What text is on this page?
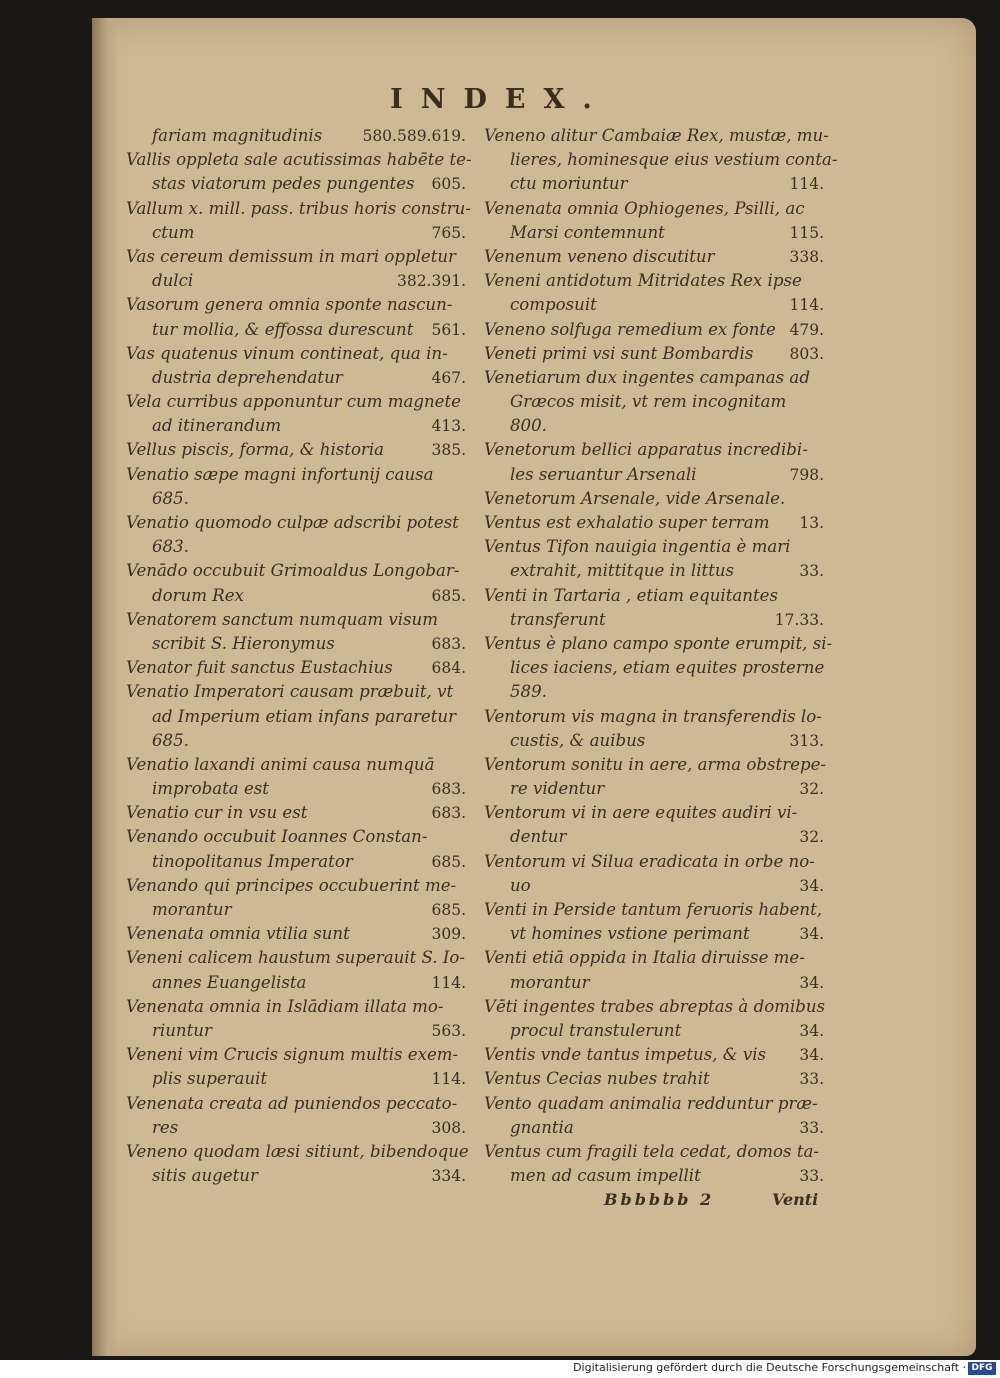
INDEX.
fariam magnitudinis	580.589.619.
Vallis oppleta sale acutissimas habēte te-
stas viatorum pedes pungentes 605.
Vallum x. mill. pass. tribus horis constru-
ctum	765.
Vas cereum demissum in mari oppletur
dulci	382.391.
Vasorum genera omnia sponte nascun-
tur mollia, & effossa durescunt 561.
Vas quatenus vinum contineat, qua in-
dustria deprehendatur	467.
Vela curribus apponuntur cum magnete
ad itinerandum	413.
Vellus piscis, forma, & historia	385.
Venatio sæpe magni infortunij causa
685.
Venatio quomodo culpæ adscribi potest
683.
Venādo occubuit Grimoaldus Longobar-
dorum Rex	685.
Venatorem sanctum numquam visum
scribit S. Hieronymus	683.
Venator fuit sanctus Eustachius	684.
Venatio Imperatori causam præbuit, vt
ad Imperium etiam infans pararetur
685.
Venatio laxandi animi causa numquā
improbata est	683.
Venatio cur in vsu est	683.
Venando occubuit Ioannes Constan-
tinopolitanus Imperator	685.
Venando qui principes occubuerint me-
morantur	685.
Venenata omnia vtilia sunt	309.
Veneni calicem haustum superauit S. Io-
annes Euangelista	114.
Venenata omnia in Islādiam illata mo-
riuntur	563.
Veneni vim Crucis signum multis exem-
plis superauit	114.
Venenata creata ad puniendos peccato-
res	308.
Veneno quodam læsi sitiunt, bibendoque
sitis augetur	334.
Veneno alitur Cambaiæ Rex, mustæ, mu-
lieres, hominesque eius vestium conta-
ctu moriuntur	114.
Venenata omnia Ophiogenes, Psilli, ac
Marsi contemnunt	115.
Venenum veneno discutitur	338.
Veneni antidotum Mitridates Rex ipse
composuit	114.
Veneno solfuga remedium ex fonte 479.
Veneti primi vsi sunt Bombardis 803.
Venetiarum dux ingentes campanas ad
Græcos misit, vt rem incognitam
800.
Venetorum bellici apparatus incredibi-
les seruantur Arsenali	798.
Venetorum Arsenale, vide Arsenale.
Ventus est exhalatio super terram 13.
Ventus Tifon nauigia ingentia è mari
extrahit, mittitque in littus	33.
Venti in Tartaria , etiam equitantes
transferunt	17.33.
Ventus è plano campo sponte erumpit, si-
lices iaciens, etiam equites prosterne
589.
Ventorum vis magna in transferendis lo-
custis, & auibus	313.
Ventorum sonitu in aere, arma obstrepe-
re videntur	32.
Ventorum vi in aere equites audiri vi-
dentur	32.
Ventorum vi Silua eradicata in orbe no-
uo	34.
Venti in Perside tantum feruoris habent,
vt homines vstione perimant	34.
Venti etiā oppida in Italia diruisse me-
morantur	34.
Vēti ingentes trabes abreptas à domibus
procul transtulerunt	34.
Ventis vnde tantus impetus, & vis 34.
Ventus Cecias nubes trahit	33.
Vento quadam animalia redduntur præ-
gnantia	33.
Ventus cum fragili tela cedat, domos ta-
men ad casum impellit	33.
Bbbbbb 2	Venti
Digitalisierung gefördert durch die Deutsche Forschungsgemeinschaft · DFG
